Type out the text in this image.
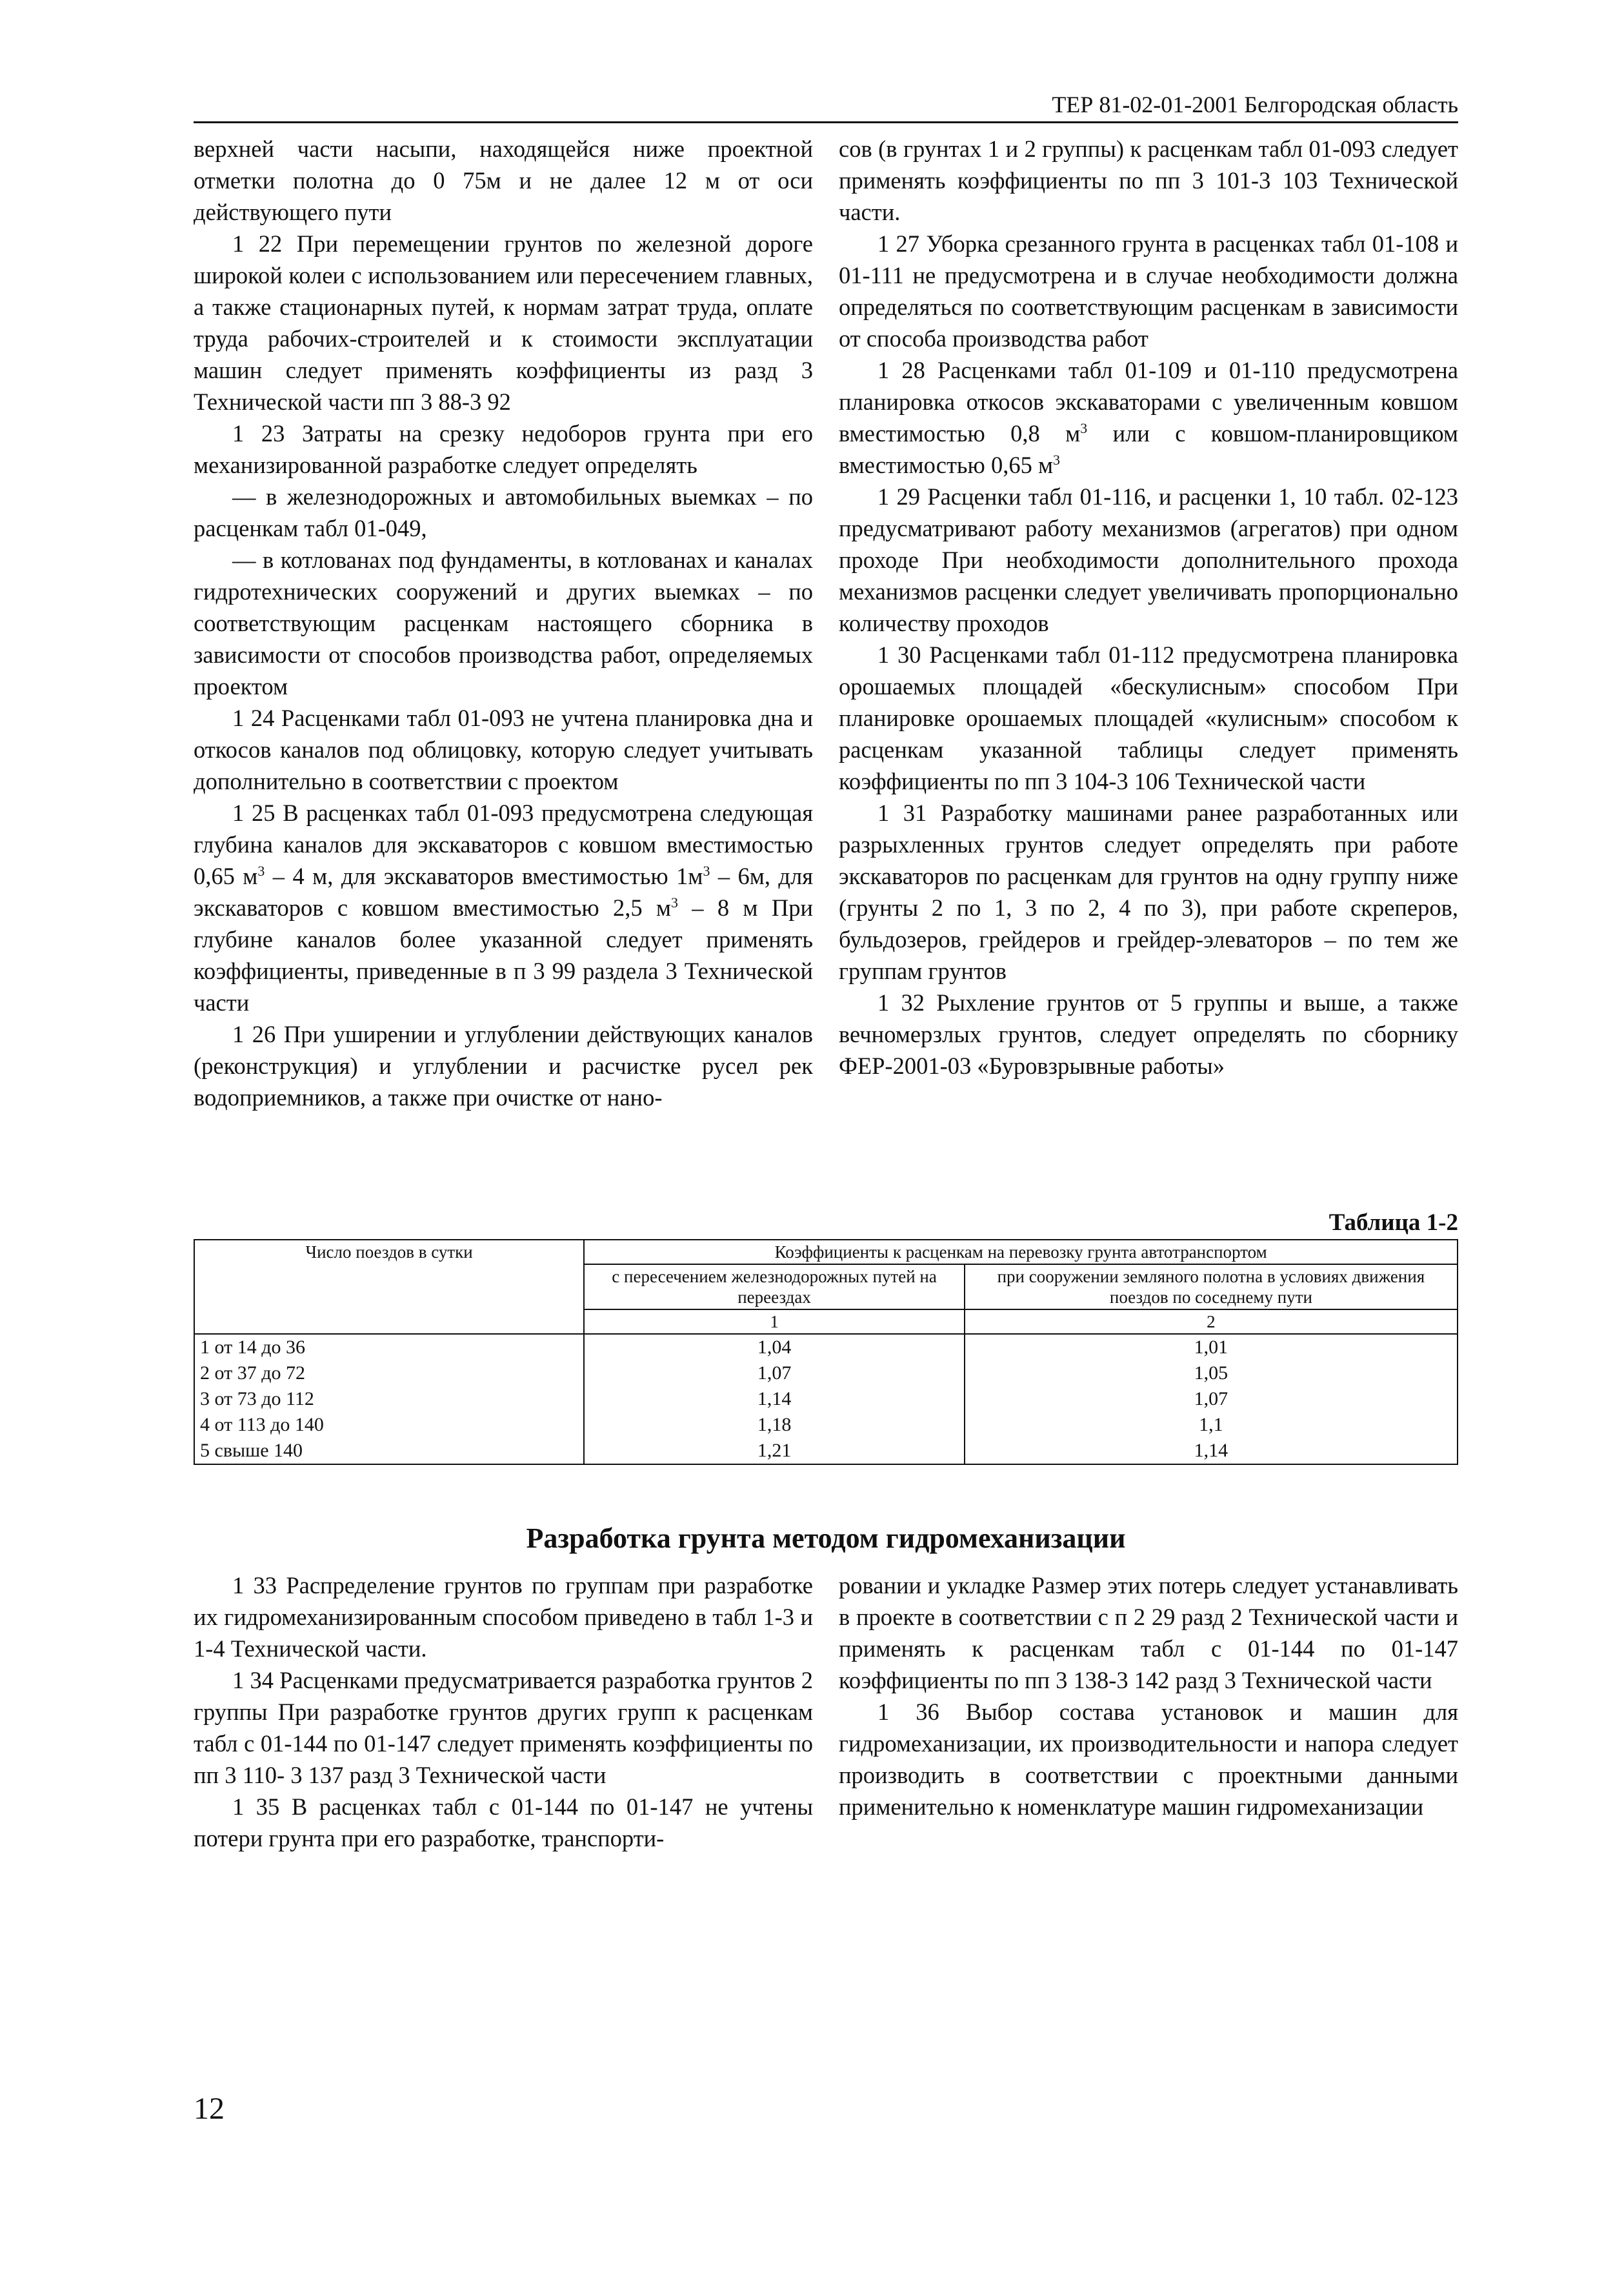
ТЕР 81-02-01-2001 Белгородская область

верхней части насыпи, находящейся ниже проектной отметки полотна до 0 75м и не далее 12 м от оси действующего пути

1 22 При перемещении грунтов по железной дороге широкой колеи с использованием или пересечением главных, а также стационарных путей, к нормам затрат труда, оплате труда рабочих-строителей и к стоимости эксплуатации машин следует применять коэффициенты из разд 3 Технической части пп 3 88-3 92

1 23 Затраты на срезку недоборов грунта при его механизированной разработке следует определять

— в железнодорожных и автомобильных выемках – по расценкам табл 01-049,

— в котлованах под фундаменты, в котлованах и каналах гидротехнических сооружений и других выемках – по соответствующим расценкам настоящего сборника в зависимости от способов производства работ, определяемых проектом

1 24 Расценками табл 01-093 не учтена планировка дна и откосов каналов под облицовку, которую следует учитывать дополнительно в соответствии с проектом

1 25 В расценках табл 01-093 предусмотрена следующая глубина каналов для экскаваторов с ковшом вместимостью 0,65 $м^3 - 4$ м, для экскаваторов вместимостью $1м^3 - 6м$, для экскаваторов с ковшом вместимостью 2,5 $м^3 - 8$ м При глубине каналов более указанной следует применять коэффициенты, приведенные в п 3 99 раздела 3 Технической части

1 26 При уширении и углублении действующих каналов (реконструкция) и углублении и расчистке русел рек водоприемников, а также при очистке от нано-

сов (в грунтах 1 и 2 группы) к расценкам табл 01-093 следует применять коэффициенты по пп 3 101-3 103 Технической части.

1 27 Уборка срезанного грунта в расценках табл 01-108 и 01-111 не предусмотрена и в случае необходимости должна определяться по соответствующим расценкам в зависимости от способа производства работ

1 28 Расценками табл 01-109 и 01-110 предусмотрена планировка откосов экскаваторами с увеличенным ковшом вместимостью 0,8 $м^3$ или с ковшом-планировщиком вместимостью 0,65 $м^3$

1 29 Расценки табл 01-116, и расценки 1, 10 табл. 02-123 предусматривают работу механизмов (агрегатов) при одном проходе При необходимости дополнительного прохода механизмов расценки следует увеличивать пропорционально количеству проходов

1 30 Расценками табл 01-112 предусмотрена планировка орошаемых площадей «бескулисным» способом При планировке орошаемых площадей «кулисным» способом к расценкам указанной таблицы следует применять коэффициенты по пп 3 104-3 106 Технической части

1 31 Разработку машинами ранее разработанных или разрыхленных грунтов следует определять при работе экскаваторов по расценкам для грунтов на одну группу ниже (грунты 2 по 1, 3 по 2, 4 по 3), при работе скреперов, бульдозеров, грейдеров и грейдер-элеваторов – по тем же группам грунтов

1 32 Рыхление грунтов от 5 группы и выше, а также вечномерзлых грунтов, следует определять по сборнику ФЕР-2001-03 «Буровзрывные работы»

Таблица 1-2
Число поездов в сутки	Коэффициенты к расценкам на перевозку грунта автотранспортом	
	с пересечением железнодорожных путей на переездах	при сооружении земляного полотна в условиях движения поездов по соседнему пути
	1	2
1 от 14 до 36	1,04	1,01
2 от 37 до 72	1,07	1,05
3 от 73 до 112	1,14	1,07
4 от 113 до 140	1,18	1,1
5 свыше 140	1,21	1,14
Разработка грунта методом гидромеханизации

1 33 Распределение грунтов по группам при разработке их гидромеханизированным способом приведено в табл 1-3 и 1-4 Технической части.

1 34 Расценками предусматривается разработка грунтов 2 группы При разработке грунтов других групп к расценкам табл с 01-144 по 01-147 следует применять коэффициенты по пп 3 110- 3 137 разд 3 Технической части

1 35 В расценках табл с 01-144 по 01-147 не учтены потери грунта при его разработке, транспорти-

ровании и укладке Размер этих потерь следует устанавливать в проекте в соответствии с п 2 29 разд 2 Технической части и применять к расценкам табл с 01-144 по 01-147 коэффициенты по пп 3 138-3 142 разд 3 Технической части

1 36 Выбор состава установок и машин для гидромеханизации, их производительности и напора следует производить в соответствии с проектными данными применительно к номенклатуре машин гидромеханизации

12
